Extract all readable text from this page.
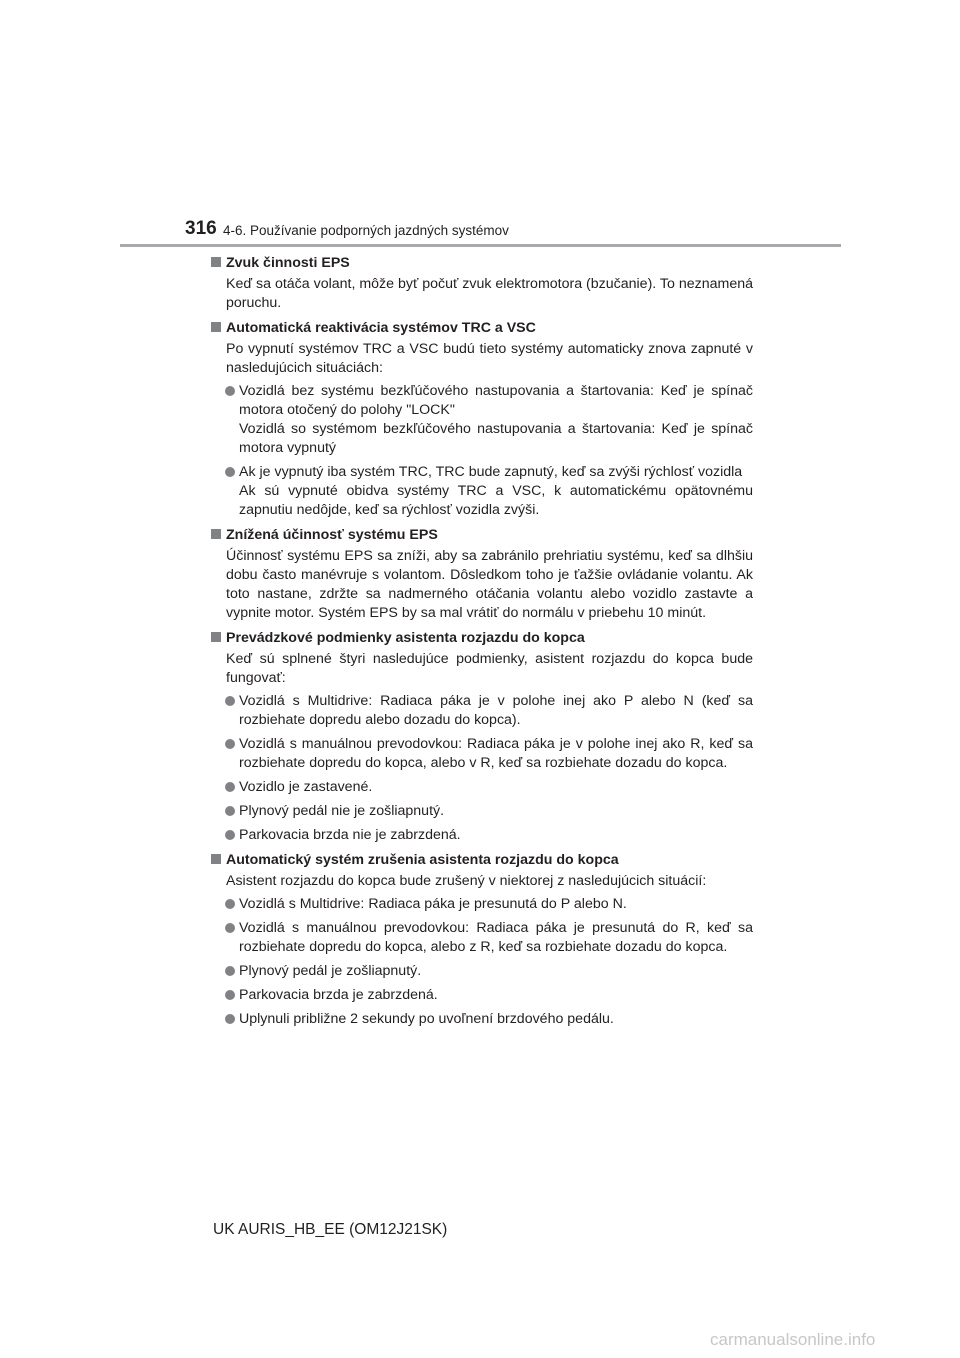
316 4-6. Používanie podporných jazdných systémov
Zvuk činnosti EPS
Keď sa otáča volant, môže byť počuť zvuk elektromotora (bzučanie). To neznamená poruchu.
Automatická reaktivácia systémov TRC a VSC
Po vypnutí systémov TRC a VSC budú tieto systémy automaticky znova zapnuté v nasledujúcich situáciách:
Vozidlá bez systému bezkľúčového nastupovania a štartovania: Keď je spínač motora otočený do polohy "LOCK"
Vozidlá so systémom bezkľúčového nastupovania a štartovania: Keď je spínač motora vypnutý
Ak je vypnutý iba systém TRC, TRC bude zapnutý, keď sa zvýši rýchlosť vozidla
Ak sú vypnuté obidva systémy TRC a VSC, k automatickému opätovnému zapnutiu nedôjde, keď sa rýchlosť vozidla zvýši.
Znížená účinnosť systému EPS
Účinnosť systému EPS sa zníži, aby sa zabránilo prehriatiu systému, keď sa dlhšiu dobu často manévruje s volantom. Dôsledkom toho je ťažšie ovládanie volantu. Ak toto nastane, zdržte sa nadmerného otáčania volantu alebo vozidlo zastavte a vypnite motor. Systém EPS by sa mal vrátiť do normálu v priebehu 10 minút.
Prevádzkové podmienky asistenta rozjazdu do kopca
Keď sú splnené štyri nasledujúce podmienky, asistent rozjazdu do kopca bude fungovať:
Vozidlá s Multidrive: Radiaca páka je v polohe inej ako P alebo N (keď sa rozbiehate dopredu alebo dozadu do kopca).
Vozidlá s manuálnou prevodovkou: Radiaca páka je v polohe inej ako R, keď sa rozbiehate dopredu do kopca, alebo v R, keď sa rozbiehate dozadu do kopca.
Vozidlo je zastavené.
Plynový pedál nie je zošliapnutý.
Parkovacia brzda nie je zabrzdená.
Automatický systém zrušenia asistenta rozjazdu do kopca
Asistent rozjazdu do kopca bude zrušený v niektorej z nasledujúcich situácií:
Vozidlá s Multidrive: Radiaca páka je presunutá do P alebo N.
Vozidlá s manuálnou prevodovkou: Radiaca páka je presunutá do R, keď sa rozbiehate dopredu do kopca, alebo z R, keď sa rozbiehate dozadu do kopca.
Plynový pedál je zošliapnutý.
Parkovacia brzda je zabrzdená.
Uplynuli približne 2 sekundy po uvoľnení brzdového pedálu.
UK AURIS_HB_EE (OM12J21SK)
carmanualsonline.info
